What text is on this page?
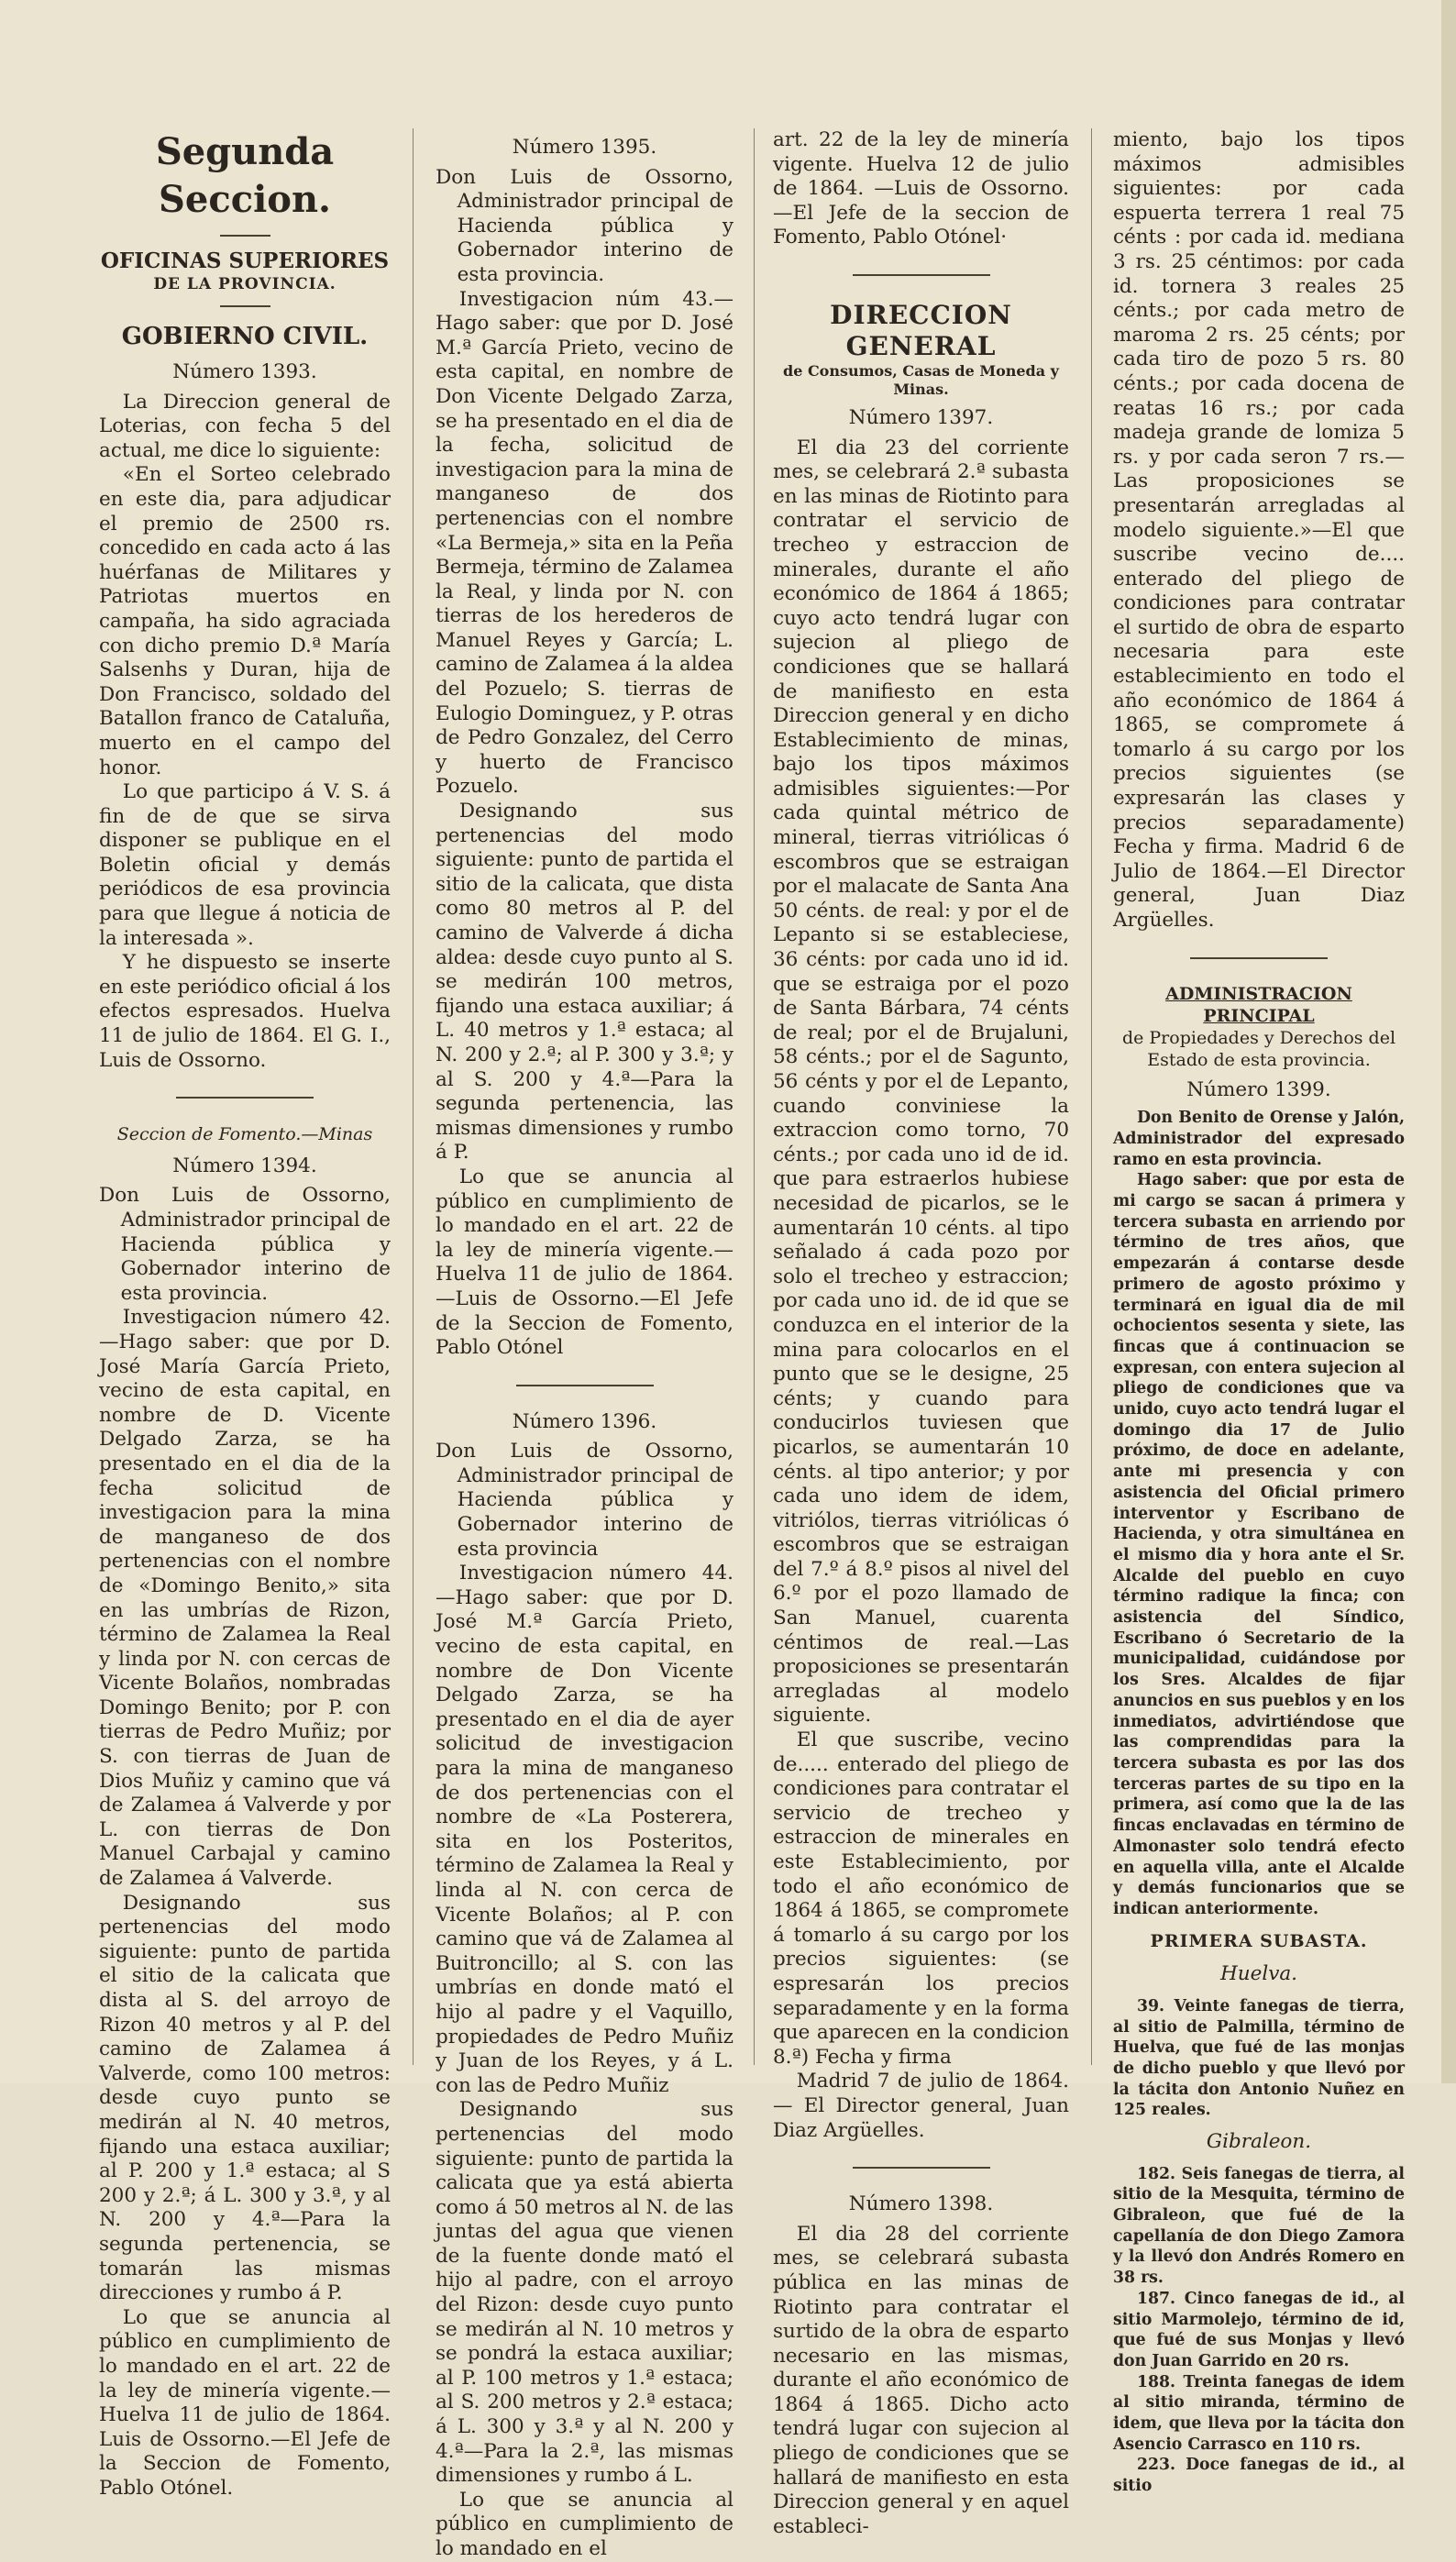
Segunda Seccion.
OFICINAS SUPERIORES
DE LA PROVINCIA.
GOBIERNO CIVIL.
Número 1393.

La Direccion general de Loterias, con fecha 5 del actual, me dice lo siguiente:

«En el Sorteo celebrado en este dia, para adjudicar el premio de 2500 rs. concedido en cada acto á las huérfanas de Militares y Patriotas muertos en campaña, ha sido agraciada con dicho premio D.ª María Salsenhs y Duran, hija de Don Francisco, soldado del Batallon franco de Cataluña, muerto en el campo del honor.

Lo que participo á V. S. á fin de de que se sirva disponer se publique en el Boletin oficial y demás periódicos de esa provincia para que llegue á noticia de la interesada ».

Y he dispuesto se inserte en este periódico oficial á los efectos espresados. Huelva 11 de julio de 1864. El G. I., Luis de Ossorno.

Seccion de Fomento.—Minas
Número 1394.

Don Luis de Ossorno, Administrador principal de Hacienda pública y Gobernador interino de esta provincia.

Investigacion número 42.—Hago saber: que por D. José María García Prieto, vecino de esta capital, en nombre de D. Vicente Delgado Zarza, se ha presentado en el dia de la fecha solicitud de investigacion para la mina de manganeso de dos pertenencias con el nombre de «Domingo Benito,» sita en las umbrías de Rizon, término de Zalamea la Real y linda por N. con cercas de Vicente Bolaños, nombradas Domingo Benito; por P. con tierras de Pedro Muñiz; por S. con tierras de Juan de Dios Muñiz y camino que vá de Zalamea á Valverde y por L. con tierras de Don Manuel Carbajal y camino de Zalamea á Valverde.

Designando sus pertenencias del modo siguiente: punto de partida el sitio de la calicata que dista al S. del arroyo de Rizon 40 metros y al P. del camino de Zalamea á Valverde, como 100 metros: desde cuyo punto se medirán al N. 40 metros, fijando una estaca auxiliar; al P. 200 y 1.ª estaca; al S 200 y 2.ª; á L. 300 y 3.ª, y al N. 200 y 4.ª—Para la segunda pertenencia, se tomarán las mismas direcciones y rumbo á P.

Lo que se anuncia al público en cumplimiento de lo mandado en el art. 22 de la ley de minería vigente.—Huelva 11 de julio de 1864. Luis de Ossorno.—El Jefe de la Seccion de Fomento, Pablo Otónel.

Número 1395.

Don Luis de Ossorno, Administrador principal de Hacienda pública y Gobernador interino de esta provincia.

Investigacion núm 43.—Hago saber: que por D. José M.ª García Prieto, vecino de esta capital, en nombre de Don Vicente Delgado Zarza, se ha presentado en el dia de la fecha, solicitud de investigacion para la mina de manganeso de dos pertenencias con el nombre «La Bermeja,» sita en la Peña Bermeja, término de Zalamea la Real, y linda por N. con tierras de los herederos de Manuel Reyes y García; L. camino de Zalamea á la aldea del Pozuelo; S. tierras de Eulogio Dominguez, y P. otras de Pedro Gonzalez, del Cerro y huerto de Francisco Pozuelo.

Designando sus pertenencias del modo siguiente: punto de partida el sitio de la calicata, que dista como 80 metros al P. del camino de Valverde á dicha aldea: desde cuyo punto al S. se medirán 100 metros, fijando una estaca auxiliar; á L. 40 metros y 1.ª estaca; al N. 200 y 2.ª; al P. 300 y 3.ª; y al S. 200 y 4.ª—Para la segunda pertenencia, las mismas dimensiones y rumbo á P.

Lo que se anuncia al público en cumplimiento de lo mandado en el art. 22 de la ley de minería vigente.—Huelva 11 de julio de 1864. —Luis de Ossorno.—El Jefe de la Seccion de Fomento, Pablo Otónel

Número 1396.

Don Luis de Ossorno, Administrador principal de Hacienda pública y Gobernador interino de esta provincia

Investigacion número 44.—Hago saber: que por D. José M.ª García Prieto, vecino de esta capital, en nombre de Don Vicente Delgado Zarza, se ha presentado en el dia de ayer solicitud de investigacion para la mina de manganeso de dos pertenencias con el nombre de «La Posterera, sita en los Posteritos, término de Zalamea la Real y linda al N. con cerca de Vicente Bolaños; al P. con camino que vá de Zalamea al Buitroncillo; al S. con las umbrías en donde mató el hijo al padre y el Vaquillo, propiedades de Pedro Muñiz y Juan de los Reyes, y á L. con las de Pedro Muñiz

Designando sus pertenencias del modo siguiente: punto de partida la calicata que ya está abierta como á 50 metros al N. de las juntas del agua que vienen de la fuente donde mató el hijo al padre, con el arroyo del Rizon: desde cuyo punto se medirán al N. 10 metros y se pondrá la estaca auxiliar; al P. 100 metros y 1.ª estaca; al S. 200 metros y 2.ª estaca; á L. 300 y 3.ª y al N. 200 y 4.ª—Para la 2.ª, las mismas dimensiones y rumbo á L.

Lo que se anuncia al público en cumplimiento de lo mandado en el

art. 22 de la ley de minería vigente. Huelva 12 de julio de 1864. —Luis de Ossorno.—El Jefe de la seccion de Fomento, Pablo Otónel·

DIRECCION GENERAL
de Consumos, Casas de Moneda y Minas.
Número 1397.

El dia 23 del corriente mes, se celebrará 2.ª subasta en las minas de Riotinto para contratar el servicio de trecheo y estraccion de minerales, durante el año económico de 1864 á 1865; cuyo acto tendrá lugar con sujecion al pliego de condiciones que se hallará de manifiesto en esta Direccion general y en dicho Establecimiento de minas, bajo los tipos máximos admisibles siguientes:—Por cada quintal métrico de mineral, tierras vitriólicas ó escombros que se estraigan por el malacate de Santa Ana 50 cénts. de real: y por el de Lepanto si se estableciese, 36 cénts: por cada uno id id. que se estraiga por el pozo de Santa Bárbara, 74 cénts de real; por el de Brujaluni, 58 cénts.; por el de Sagunto, 56 cénts y por el de Lepanto, cuando conviniese la extraccion como torno, 70 cénts.; por cada uno id de id. que para estraerlos hubiese necesidad de picarlos, se le aumentarán 10 cénts. al tipo señalado á cada pozo por solo el trecheo y estraccion; por cada uno id. de id que se conduzca en el interior de la mina para colocarlos en el punto que se le designe, 25 cénts; y cuando para conducirlos tuviesen que picarlos, se aumentarán 10 cénts. al tipo anterior; y por cada uno idem de idem, vitriólos, tierras vitriólicas ó escombros que se estraigan del 7.º á 8.º pisos al nivel del 6.º por el pozo llamado de San Manuel, cuarenta céntimos de real.—Las proposiciones se presentarán arregladas al modelo siguiente.

El que suscribe, vecino de..... enterado del pliego de condiciones para contratar el servicio de trecheo y estraccion de minerales en este Establecimiento, por todo el año económico de 1864 á 1865, se compromete á tomarlo á su cargo por los precios siguientes: (se espresarán los precios separadamente y en la forma que aparecen en la condicion 8.ª) Fecha y firma

Madrid 7 de julio de 1864.— El Director general, Juan Diaz Argüelles.

Número 1398.

El dia 28 del corriente mes, se celebrará subasta pública en las minas de Riotinto para contratar el surtido de la obra de esparto necesario en las mismas, durante el año económico de 1864 á 1865. Dicho acto tendrá lugar con sujecion al pliego de condiciones que se hallará de manifiesto en esta Direccion general y en aquel estableci-

miento, bajo los tipos máximos admisibles siguientes: por cada espuerta terrera 1 real 75 cénts : por cada id. mediana 3 rs. 25 céntimos: por cada id. tornera 3 reales 25 cénts.; por cada metro de maroma 2 rs. 25 cénts; por cada tiro de pozo 5 rs. 80 cénts.; por cada docena de reatas 16 rs.; por cada madeja grande de lomiza 5 rs. y por cada seron 7 rs.—Las proposiciones se presentarán arregladas al modelo siguiente.»—El que suscribe vecino de.... enterado del pliego de condiciones para contratar el surtido de obra de esparto necesaria para este establecimiento en todo el año económico de 1864 á 1865, se compromete á tomarlo á su cargo por los precios siguientes (se expresarán las clases y precios separadamente) Fecha y firma. Madrid 6 de Julio de 1864.—El Director general, Juan Diaz Argüelles.

ADMINISTRACION PRINCIPAL
de Propiedades y Derechos del Estado de esta provincia.
Número 1399.

Don Benito de Orense y Jalón, Administrador del expresado ramo en esta provincia.

Hago saber: que por esta de mi cargo se sacan á primera y tercera subasta en arriendo por término de tres años, que empezarán á contarse desde primero de agosto próximo y terminará en igual dia de mil ochocientos sesenta y siete, las fincas que á continuacion se expresan, con entera sujecion al pliego de condiciones que va unido, cuyo acto tendrá lugar el domingo dia 17 de Julio próximo, de doce en adelante, ante mi presencia y con asistencia del Oficial primero interventor y Escribano de Hacienda, y otra simultánea en el mismo dia y hora ante el Sr. Alcalde del pueblo en cuyo término radique la finca; con asistencia del Síndico, Escribano ó Secretario de la municipalidad, cuidándose por los Sres. Alcaldes de fijar anuncios en sus pueblos y en los inmediatos, advirtiéndose que las comprendidas para la tercera subasta es por las dos terceras partes de su tipo en la primera, así como que la de las fincas enclavadas en término de Almonaster solo tendrá efecto en aquella villa, ante el Alcalde y demás funcionarios que se indican anteriormente.

PRIMERA SUBASTA.
Huelva.

39. Veinte fanegas de tierra, al sitio de Palmilla, término de Huelva, que fué de las monjas de dicho pueblo y que llevó por la tácita don Antonio Nuñez en 125 reales.

Gibraleon.

182. Seis fanegas de tierra, al sitio de la Mesquita, término de Gibraleon, que fué de la capellanía de don Diego Zamora y la llevó don Andrés Romero en 38 rs.

187. Cinco fanegas de id., al sitio Marmolejo, término de id, que fué de sus Monjas y llevó don Juan Garrido en 20 rs.

188. Treinta fanegas de idem al sitio miranda, término de idem, que lleva por la tácita don Asencio Carrasco en 110 rs.

223. Doce fanegas de id., al sitio
